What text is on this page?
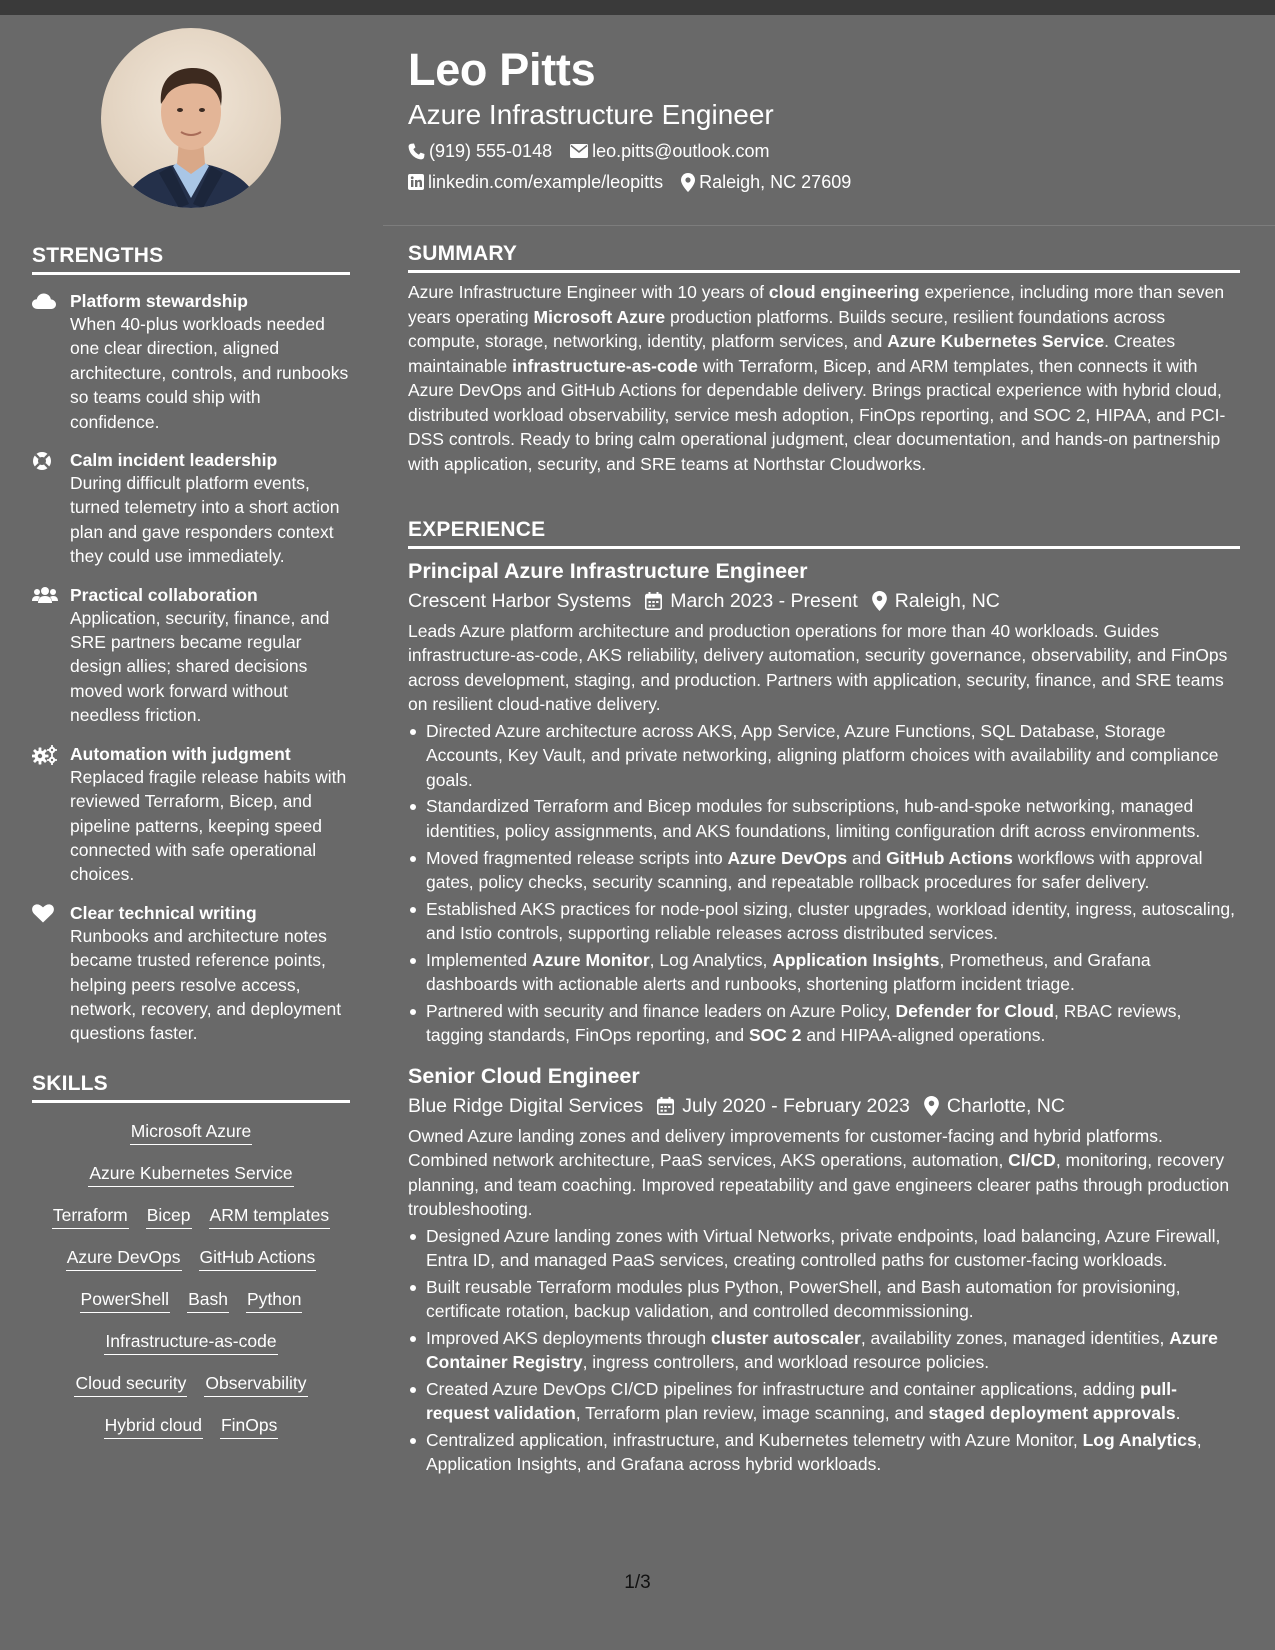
STRENGTHS
Platform stewardship
When 40-plus workloads needed one clear direction, aligned architecture, controls, and runbooks so teams could ship with confidence.
Calm incident leadership
During difficult platform events, turned telemetry into a short action plan and gave responders context they could use immediately.
Practical collaboration
Application, security, finance, and SRE partners became regular design allies; shared decisions moved work forward without needless friction.
Automation with judgment
Replaced fragile release habits with reviewed Terraform, Bicep, and pipeline patterns, keeping speed connected with safe operational choices.
Clear technical writing
Runbooks and architecture notes became trusted reference points, helping peers resolve access, network, recovery, and deployment questions faster.
SKILLS
Microsoft Azure
Azure Kubernetes Service
Terraform Bicep ARM templates
Azure DevOps GitHub Actions
PowerShell Bash Python
Infrastructure-as-code
Cloud security Observability
Hybrid cloud FinOps
Leo Pitts
Azure Infrastructure Engineer
(919) 555-0148 leo.pitts@outlook.com
linkedin.com/example/leopitts Raleigh, NC 27609
SUMMARY
Azure Infrastructure Engineer with 10 years of cloud engineering experience, including more than seven years operating Microsoft Azure production platforms. Builds secure, resilient foundations across compute, storage, networking, identity, platform services, and Azure Kubernetes Service. Creates maintainable infrastructure-as-code with Terraform, Bicep, and ARM templates, then connects it with Azure DevOps and GitHub Actions for dependable delivery. Brings practical experience with hybrid cloud, distributed workload observability, service mesh adoption, FinOps reporting, and SOC 2, HIPAA, and PCI-DSS controls. Ready to bring calm operational judgment, clear documentation, and hands-on partnership with application, security, and SRE teams at Northstar Cloudworks.
EXPERIENCE
Principal Azure Infrastructure Engineer
Crescent Harbor Systems March 2023 - Present Raleigh, NC
Leads Azure platform architecture and production operations for more than 40 workloads. Guides infrastructure-as-code, AKS reliability, delivery automation, security governance, observability, and FinOps across development, staging, and production. Partners with application, security, finance, and SRE teams on resilient cloud-native delivery.
Directed Azure architecture across AKS, App Service, Azure Functions, SQL Database, Storage Accounts, Key Vault, and private networking, aligning platform choices with availability and compliance goals.
Standardized Terraform and Bicep modules for subscriptions, hub-and-spoke networking, managed identities, policy assignments, and AKS foundations, limiting configuration drift across environments.
Moved fragmented release scripts into Azure DevOps and GitHub Actions workflows with approval gates, policy checks, security scanning, and repeatable rollback procedures for safer delivery.
Established AKS practices for node-pool sizing, cluster upgrades, workload identity, ingress, autoscaling, and Istio controls, supporting reliable releases across distributed services.
Implemented Azure Monitor, Log Analytics, Application Insights, Prometheus, and Grafana dashboards with actionable alerts and runbooks, shortening platform incident triage.
Partnered with security and finance leaders on Azure Policy, Defender for Cloud, RBAC reviews, tagging standards, FinOps reporting, and SOC 2 and HIPAA-aligned operations.
Senior Cloud Engineer
Blue Ridge Digital Services July 2020 - February 2023 Charlotte, NC
Owned Azure landing zones and delivery improvements for customer-facing and hybrid platforms. Combined network architecture, PaaS services, AKS operations, automation, CI/CD, monitoring, recovery planning, and team coaching. Improved repeatability and gave engineers clearer paths through production troubleshooting.
Designed Azure landing zones with Virtual Networks, private endpoints, load balancing, Azure Firewall, Entra ID, and managed PaaS services, creating controlled paths for customer-facing workloads.
Built reusable Terraform modules plus Python, PowerShell, and Bash automation for provisioning, certificate rotation, backup validation, and controlled decommissioning.
Improved AKS deployments through cluster autoscaler, availability zones, managed identities, Azure Container Registry, ingress controllers, and workload resource policies.
Created Azure DevOps CI/CD pipelines for infrastructure and container applications, adding pull-request validation, Terraform plan review, image scanning, and staged deployment approvals.
Centralized application, infrastructure, and Kubernetes telemetry with Azure Monitor, Log Analytics, Application Insights, and Grafana across hybrid workloads.
1/3
